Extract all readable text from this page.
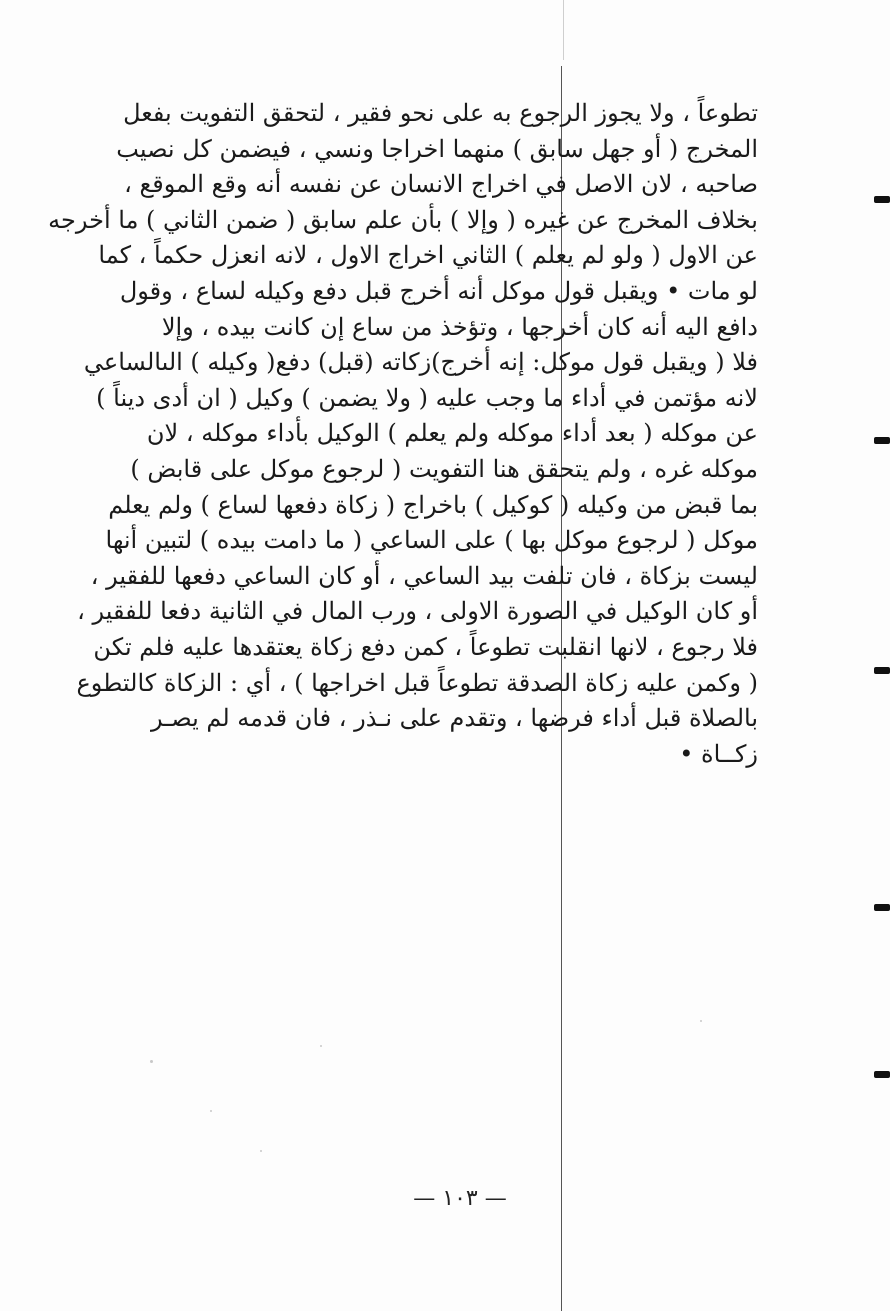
تطوعاً ، ولا يجوز الرجوع به على نحو فقير ، لتحقق التفويت بفعل
المخرج ( أو جهل سابق ) منهما اخراجا ونسي ، فيضمن كل نصيب
صاحبه ، لان الاصل في اخراج الانسان عن نفسه أنه وقع الموقع ،
بخلاف المخرج عن غيره ( وإلا ) بأن علم سابق ( ضمن الثاني ) ما أخرجه
عن الاول ( ولو لم يعلم ) الثاني اخراج الاول ، لانه انعزل حكماً ، كما
لو مات • ويقبل قول موكل أنه أخرج قبل دفع وكيله لساع ، وقول
دافع اليه أنه كان أخرجها ، وتؤخذ من ساع إن كانت بيده ، وإلا
فلا ( ويقبل قول موكل: إنه أخرج)زكاته (قبل) دفع( وكيله ) الىالساعي
لانه مؤتمن في أداء ما وجب عليه ( ولا يضمن ) وكيل ( ان أدى ديناً )
عن موكله ( بعد أداء موكله ولم يعلم ) الوكيل بأداء موكله ، لان
موكله غره ، ولم يتحقق هنا التفويت ( لرجوع موكل على قابض )
بما قبض من وكيله ( كوكيل ) باخراج ( زكاة دفعها لساع ) ولم يعلم
موكل ( لرجوع موكل بها ) على الساعي ( ما دامت بيده ) لتبين أنها
ليست بزكاة ، فان تلفت بيد الساعي ، أو كان الساعي دفعها للفقير ،
أو كان الوكيل في الصورة الاولى ، ورب المال في الثانية دفعا للفقير ،
فلا رجوع ، لانها انقلبت تطوعاً ، كمن دفع زكاة يعتقدها عليه فلم تكن
( وكمن عليه زكاة الصدقة تطوعاً قبل اخراجها ) ، أي : الزكاة كالتطوع
بالصلاة قبل أداء فرضها ، وتقدم على نـذر ، فان قدمه لم يصـر
زكــاة •
— ١٠٣ —
